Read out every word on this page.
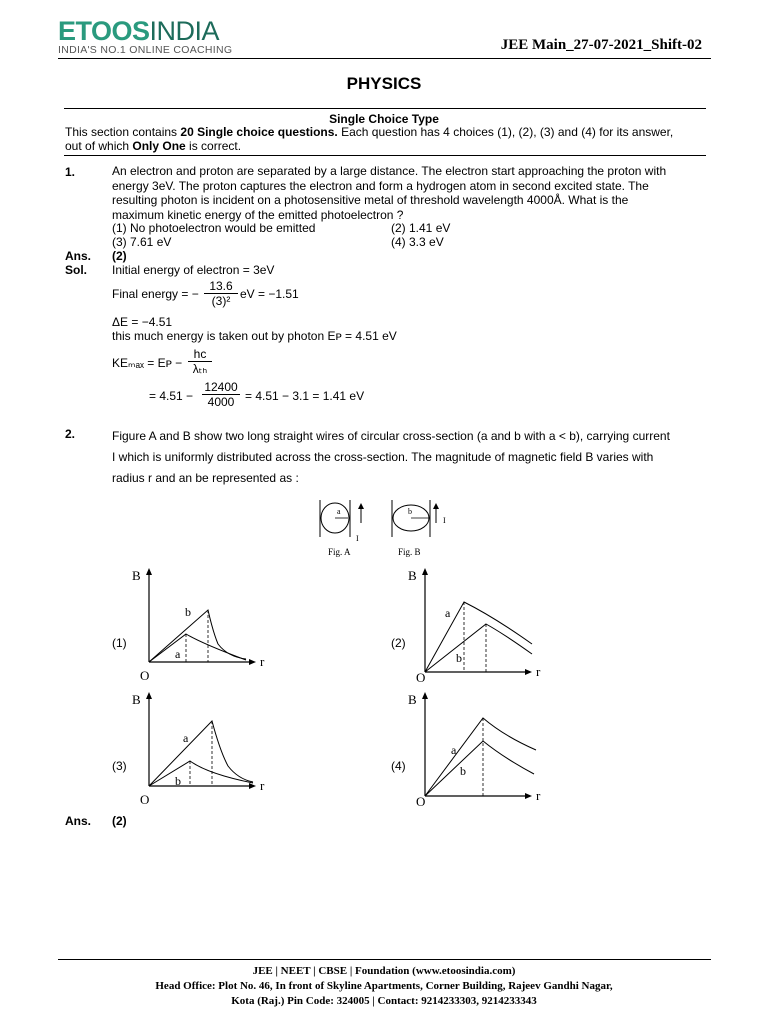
ETOOSINDIA
INDIA'S NO.1 ONLINE COACHING	JEE Main_27-07-2021_Shift-02
PHYSICS
Single Choice Type
This section contains 20 Single choice questions. Each question has 4 choices (1), (2), (3) and (4) for its answer,
out of which Only One is correct.
1.	An electron and proton are separated by a large distance. The electron start approaching the proton with
energy 3eV. The proton captures the electron and form a hydrogen atom in second excited state. The
resulting photon is incident on a photosensitive metal of threshold wavelength 4000Å. What is the
maximum kinetic energy of the emitted photoelectron ?
(1) No photoelectron would be emitted	(2) 1.41 eV
(3) 7.61 eV	(4) 3.3 eV
Ans. (2)
Sol. Initial energy of electron = 3eV
Final energy = −
13.6
(3)² eV = −1.51
ΔE = −4.51
this much energy is taken out by photon Eᴘ = 4.51 eV
KEₘₐₓ = Eᴘ −
hc
λₜₕ
= 4.51 −
12400
4000 = 4.51 − 3.1 = 1.41 eV
2.	Figure A and B show two long straight wires of circular cross-section (a and b with a < b), carrying current
I which is uniformly distributed across the cross-section. The magnitude of magnetic field B varies with
radius r and an be represented as :
a
I
Fig. A
b
I
Fig. B
(1)	(2)
(3)	(4)
B
r
O
b
a
B
r
O
a
b
B
r
O
a
b
B
r
O
a
b
Ans. (2)
JEE | NEET | CBSE | Foundation (www.etoosindia.com)
Head Office: Plot No. 46, In front of Skyline Apartments, Corner Building, Rajeev Gandhi Nagar,
Kota (Raj.) Pin Code: 324005 | Contact: 9214233303, 9214233343
